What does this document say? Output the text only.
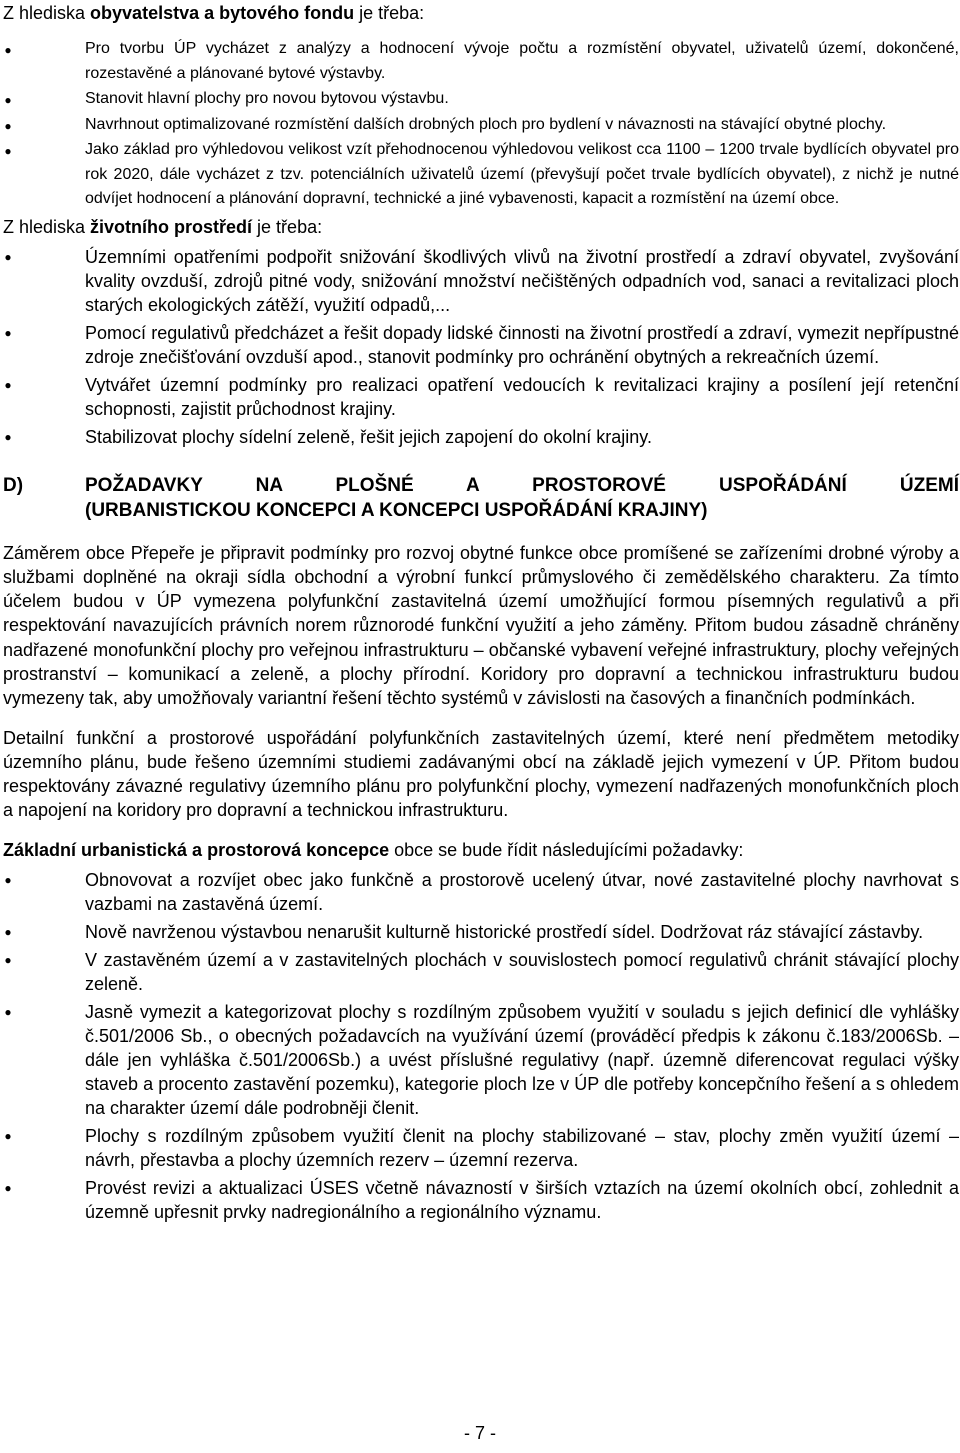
Z hlediska obyvatelstva a bytového fondu je třeba:

●	Pro tvorbu ÚP vycházet z analýzy a hodnocení vývoje počtu a rozmístění obyvatel, uživatelů území, dokončené, rozestavěné a plánované bytové výstavby.
●	Stanovit hlavní plochy pro novou bytovou výstavbu.
●	Navrhnout optimalizované rozmístění dalších drobných ploch pro bydlení v návaznosti na stávající obytné plochy.
●	Jako základ pro výhledovou velikost vzít přehodnocenou výhledovou velikost cca 1100 – 1200 trvale bydlících obyvatel pro rok 2020, dále vycházet z tzv. potenciálních uživatelů území (převyšují počet trvale bydlících obyvatel), z nichž je nutné odvíjet hodnocení a plánování dopravní, technické a jiné vybavenosti, kapacit a rozmístění na území obce.

Z hlediska životního prostředí je třeba:

●	Územními opatřeními podpořit snižování škodlivých vlivů na životní prostředí a zdraví obyvatel, zvyšování kvality ovzduší, zdrojů pitné vody, snižování množství nečištěných odpadních vod, sanaci a revitalizaci ploch starých ekologických zátěží, využití odpadů,...
●	Pomocí regulativů předcházet a řešit dopady lidské činnosti na životní prostředí a zdraví, vymezit nepřípustné zdroje znečišťování ovzduší apod., stanovit podmínky pro ochránění obytných a rekreačních území.
●	Vytvářet územní podmínky pro realizaci opatření vedoucích k revitalizaci krajiny a posílení její retenční schopnosti, zajistit průchodnost krajiny.
●	Stabilizovat plochy sídelní zeleně, řešit jejich zapojení do okolní krajiny.
D)	POŽADAVKY NA PLOŠNÉ A PROSTOROVÉ USPOŘÁDÁNÍ ÚZEMÍ
(URBANISTICKOU KONCEPCI A KONCEPCI USPOŘÁDÁNÍ KRAJINY)

Záměrem obce Přepeře je připravit podmínky pro rozvoj obytné funkce obce promíšené se zařízeními drobné výroby a službami doplněné na okraji sídla obchodní a výrobní funkcí průmyslového či zemědělského charakteru. Za tímto účelem budou v ÚP vymezena polyfunkční zastavitelná území umožňující formou písemných regulativů a při respektování navazujících právních norem různorodé funkční využití a jeho záměny. Přitom budou zásadně chráněny nadřazené monofunkční plochy pro veřejnou infrastrukturu – občanské vybavení veřejné infrastruktury, plochy veřejných prostranství – komunikací a zeleně, a plochy přírodní. Koridory pro dopravní a technickou infrastrukturu budou vymezeny tak, aby umožňovaly variantní řešení těchto systémů v závislosti na časových a finančních podmínkách.

Detailní funkční a prostorové uspořádání polyfunkčních zastavitelných území, které není předmětem metodiky územního plánu, bude řešeno územními studiemi zadávanými obcí na základě jejich vymezení v ÚP. Přitom budou respektovány závazné regulativy územního plánu pro polyfunkční plochy, vymezení nadřazených monofunkčních ploch a napojení na koridory pro dopravní a technickou infrastrukturu.

Základní urbanistická a prostorová koncepce obce se bude řídit následujícími požadavky:

●	Obnovovat a rozvíjet obec jako funkčně a prostorově ucelený útvar, nové zastavitelné plochy navrhovat s vazbami na zastavěná území.
●	Nově navrženou výstavbou nenarušit kulturně historické prostředí sídel. Dodržovat ráz stávající zástavby.
●	V zastavěném území a v zastavitelných plochách v souvislostech pomocí regulativů chránit stávající plochy zeleně.
●	Jasně vymezit a kategorizovat plochy s rozdílným způsobem využití v souladu s jejich definicí dle vyhlášky č.501/2006 Sb., o obecných požadavcích na využívání území (prováděcí předpis k zákonu č.183/2006Sb. – dále jen vyhláška č.501/2006Sb.) a uvést příslušné regulativy (např. územně diferencovat regulaci výšky staveb a procento zastavění pozemku), kategorie ploch lze v ÚP dle potřeby koncepčního řešení a s ohledem na charakter území dále podrobněji členit.
●	Plochy s rozdílným způsobem využití členit na plochy stabilizované – stav, plochy změn využití území – návrh, přestavba a plochy územních rezerv – územní rezerva.
●	Provést revizi a aktualizaci ÚSES včetně návazností v širších vztazích na území okolních obcí, zohlednit a územně upřesnit prvky nadregionálního a regionálního významu.
- 7 -
